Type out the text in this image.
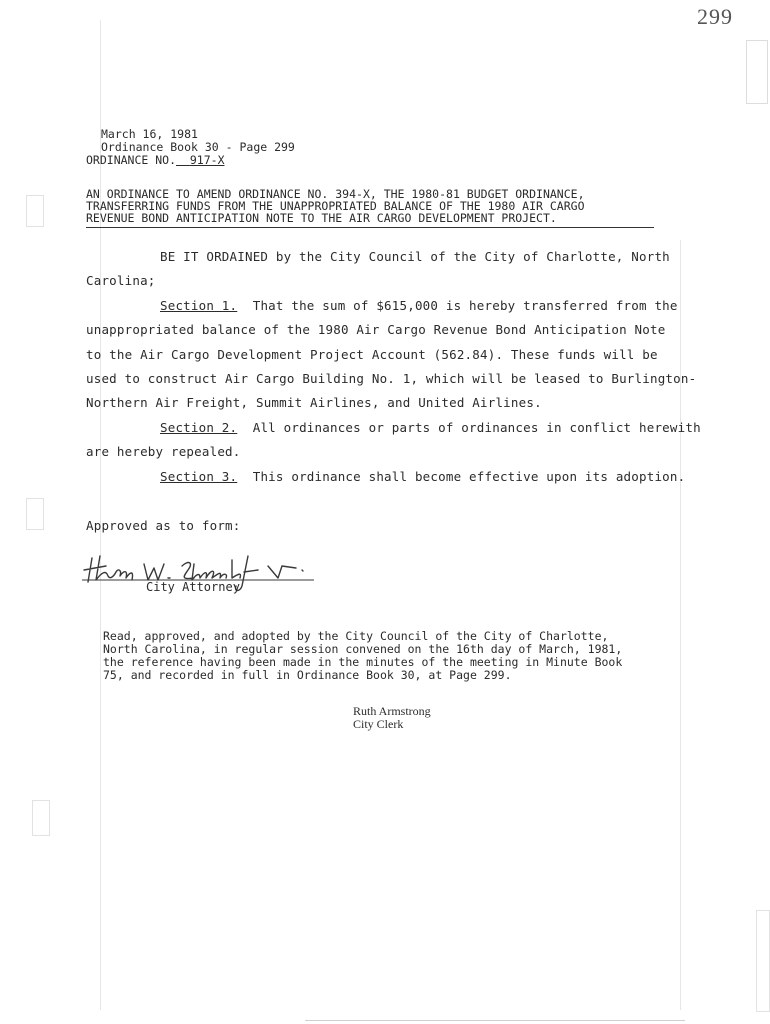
299
March 16, 1981
Ordinance Book 30 - Page 299
ORDINANCE NO. 917-X
AN ORDINANCE TO AMEND ORDINANCE NO. 394-X, THE 1980-81 BUDGET ORDINANCE,
TRANSFERRING FUNDS FROM THE UNAPPROPRIATED BALANCE OF THE 1980 AIR CARGO
REVENUE BOND ANTICIPATION NOTE TO THE AIR CARGO DEVELOPMENT PROJECT.
BE IT ORDAINED by the City Council of the City of Charlotte, North
Carolina;
Section 1. That the sum of $615,000 is hereby transferred from the
unappropriated balance of the 1980 Air Cargo Revenue Bond Anticipation Note
to the Air Cargo Development Project Account (562.84). These funds will be
used to construct Air Cargo Building No. 1, which will be leased to Burlington-
Northern Air Freight, Summit Airlines, and United Airlines.
Section 2. All ordinances or parts of ordinances in conflict herewith
are hereby repealed.
Section 3. This ordinance shall become effective upon its adoption.
Approved as to form:
City Attorney
Read, approved, and adopted by the City Council of the City of Charlotte,
North Carolina, in regular session convened on the 16th day of March, 1981,
the reference having been made in the minutes of the meeting in Minute Book
75, and recorded in full in Ordinance Book 30, at Page 299.
Ruth Armstrong
City Clerk
